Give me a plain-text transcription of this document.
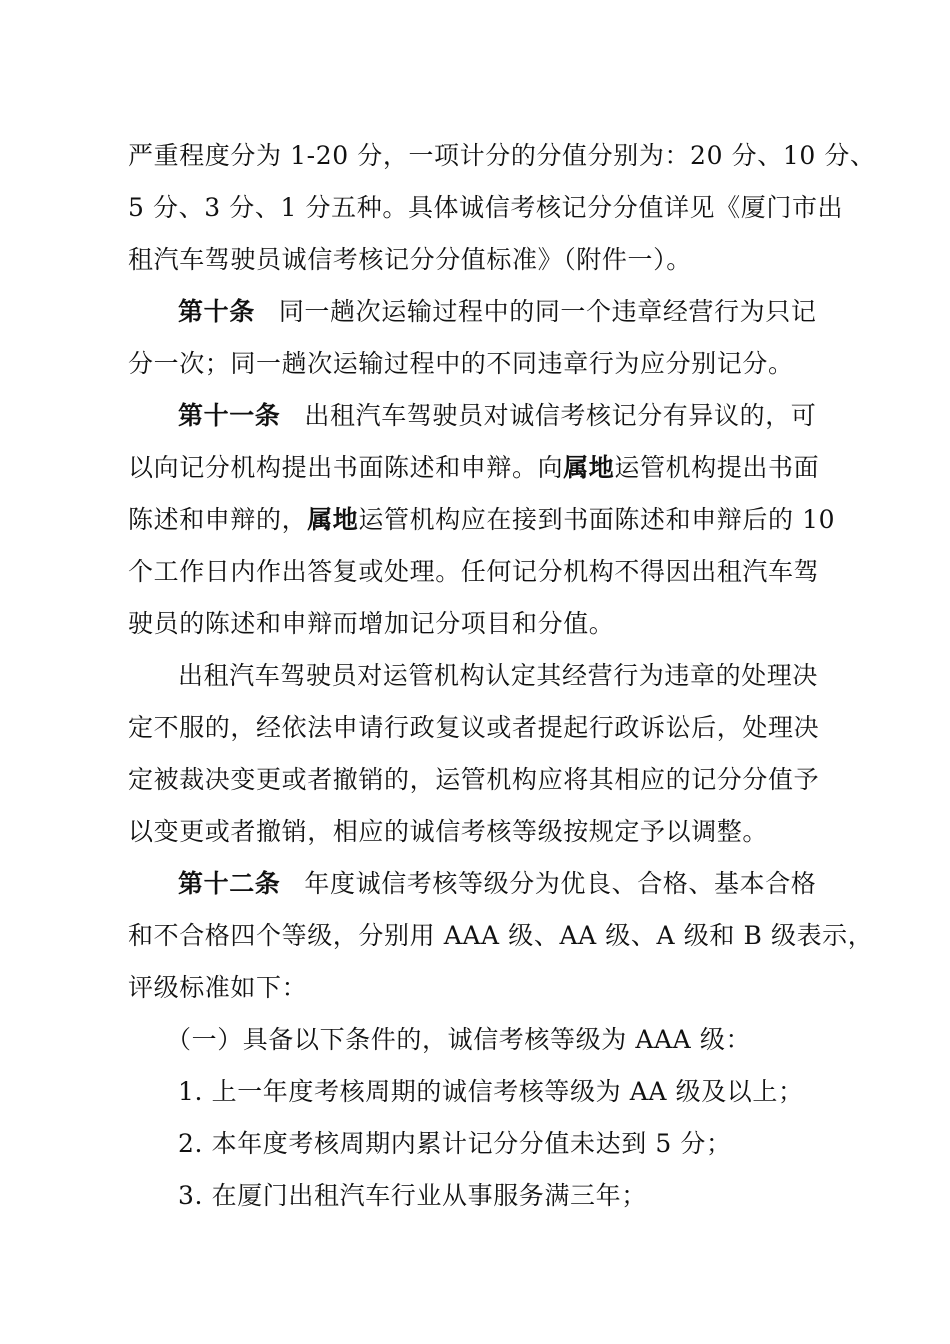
严重程度分为 1-20 分，一项计分的分值分别为：20 分、10 分、
5 分、3 分、1 分五种。具体诚信考核记分分值详见《厦门市出
租汽车驾驶员诚信考核记分分值标准》（附件一）。

第十条 同一趟次运输过程中的同一个违章经营行为只记
分一次；同一趟次运输过程中的不同违章行为应分别记分。

第十一条 出租汽车驾驶员对诚信考核记分有异议的，可
以向记分机构提出书面陈述和申辩。向属地运管机构提出书面
陈述和申辩的，属地运管机构应在接到书面陈述和申辩后的 10
个工作日内作出答复或处理。任何记分机构不得因出租汽车驾
驶员的陈述和申辩而增加记分项目和分值。

出租汽车驾驶员对运管机构认定其经营行为违章的处理决
定不服的，经依法申请行政复议或者提起行政诉讼后，处理决
定被裁决变更或者撤销的，运管机构应将其相应的记分分值予
以变更或者撤销，相应的诚信考核等级按规定予以调整。

第十二条 年度诚信考核等级分为优良、合格、基本合格
和不合格四个等级，分别用 AAA 级、AA 级、A 级和 B 级表示，
评级标准如下：

（一）具备以下条件的，诚信考核等级为 AAA 级：
1. 上一年度考核周期的诚信考核等级为 AA 级及以上；
2. 本年度考核周期内累计记分分值未达到 5 分；
3. 在厦门出租汽车行业从事服务满三年；
